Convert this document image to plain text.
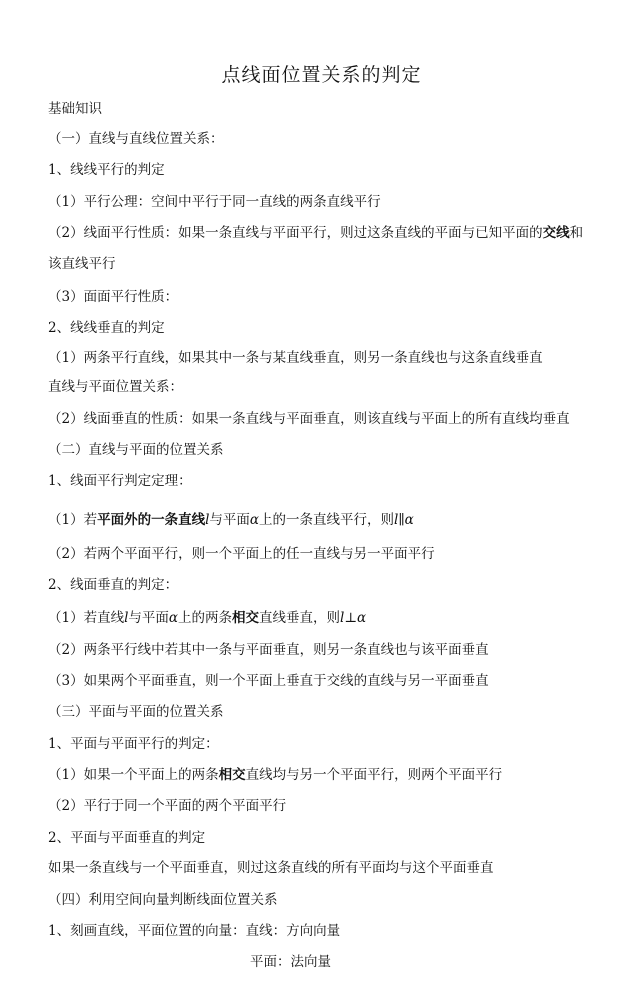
点线面位置关系的判定
基础知识
（一）直线与直线位置关系：
1、线线平行的判定
（1）平行公理：空间中平行于同一直线的两条直线平行
（2）线面平行性质：如果一条直线与平面平行，则过这条直线的平面与已知平面的交线和
该直线平行
（3）面面平行性质：
2、线线垂直的判定
（1）两条平行直线，如果其中一条与某直线垂直，则另一条直线也与这条直线垂直
直线与平面位置关系：
（2）线面垂直的性质：如果一条直线与平面垂直，则该直线与平面上的所有直线均垂直
（二）直线与平面的位置关系
1、线面平行判定定理：
（1）若平面外的一条直线l与平面α上的一条直线平行，则l∥α
（2）若两个平面平行，则一个平面上的任一直线与另一平面平行
2、线面垂直的判定：
（1）若直线l与平面α上的两条相交直线垂直，则l⊥α
（2）两条平行线中若其中一条与平面垂直，则另一条直线也与该平面垂直
（3）如果两个平面垂直，则一个平面上垂直于交线的直线与另一平面垂直
（三）平面与平面的位置关系
1、平面与平面平行的判定：
（1）如果一个平面上的两条相交直线均与另一个平面平行，则两个平面平行
（2）平行于同一个平面的两个平面平行
2、平面与平面垂直的判定
如果一条直线与一个平面垂直，则过这条直线的所有平面均与这个平面垂直
（四）利用空间向量判断线面位置关系
1、刻画直线，平面位置的向量：直线：方向向量
平面：法向量
